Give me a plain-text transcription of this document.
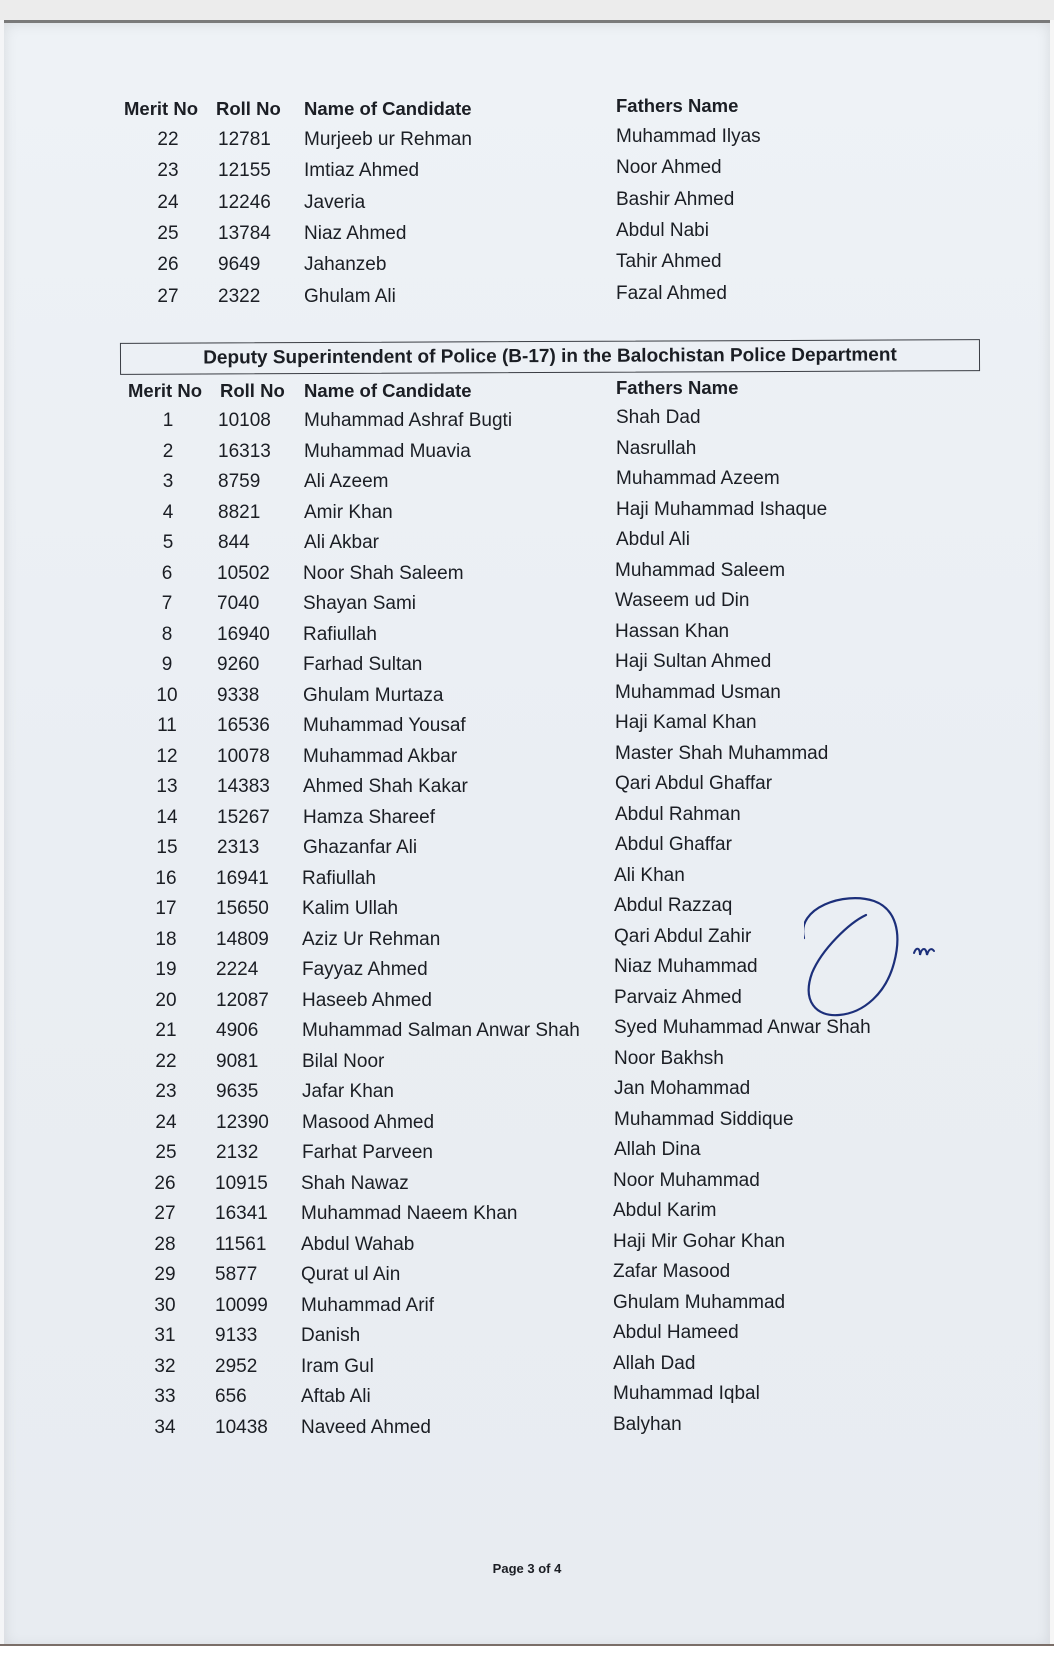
Merit No Roll No	Name of Candidate	Fathers Name
22	12781	Murjeeb ur Rehman	Muhammad Ilyas
23	12155	Imtiaz Ahmed	Noor Ahmed
24	12246	Javeria	Bashir Ahmed
25	13784	Niaz Ahmed	Abdul Nabi
26	9649	Jahanzeb	Tahir Ahmed
27	2322	Ghulam Ali	Fazal Ahmed
Deputy Superintendent of Police (B-17) in the Balochistan Police Department
Merit No Roll No	Name of Candidate	Fathers Name
1	10108	Muhammad Ashraf Bugti	Shah Dad
2	16313	Muhammad Muavia	Nasrullah
3	8759	Ali Azeem	Muhammad Azeem
4	8821	Amir Khan	Haji Muhammad Ishaque
5	844	Ali Akbar	Abdul Ali
6	10502	Noor Shah Saleem	Muhammad Saleem
7	7040	Shayan Sami	Waseem ud Din
8	16940	Rafiullah	Hassan Khan
9	9260	Farhad Sultan	Haji Sultan Ahmed
10	9338	Ghulam Murtaza	Muhammad Usman
11	16536	Muhammad Yousaf	Haji Kamal Khan
12	10078	Muhammad Akbar	Master Shah Muhammad
13	14383	Ahmed Shah Kakar	Qari Abdul Ghaffar
14	15267	Hamza Shareef	Abdul Rahman
15	2313	Ghazanfar Ali	Abdul Ghaffar
16	16941	Rafiullah	Ali Khan
17	15650	Kalim Ullah	Abdul Razzaq
18	14809	Aziz Ur Rehman	Qari Abdul Zahir
19	2224	Fayyaz Ahmed	Niaz Muhammad
20	12087	Haseeb Ahmed	Parvaiz Ahmed
21	4906	Muhammad Salman Anwar Shah	Syed Muhammad Anwar Shah
22	9081	Bilal Noor	Noor Bakhsh
23	9635	Jafar Khan	Jan Mohammad
24	12390	Masood Ahmed	Muhammad Siddique
25	2132	Farhat Parveen	Allah Dina
26	10915	Shah Nawaz	Noor Muhammad
27	16341	Muhammad Naeem Khan	Abdul Karim
28	11561	Abdul Wahab	Haji Mir Gohar Khan
29	5877	Qurat ul Ain	Zafar Masood
30	10099	Muhammad Arif	Ghulam Muhammad
31	9133	Danish	Abdul Hameed
32	2952	Iram Gul	Allah Dad
33	656	Aftab Ali	Muhammad Iqbal
34	10438	Naveed Ahmed	Balyhan
Page 3 of 4
